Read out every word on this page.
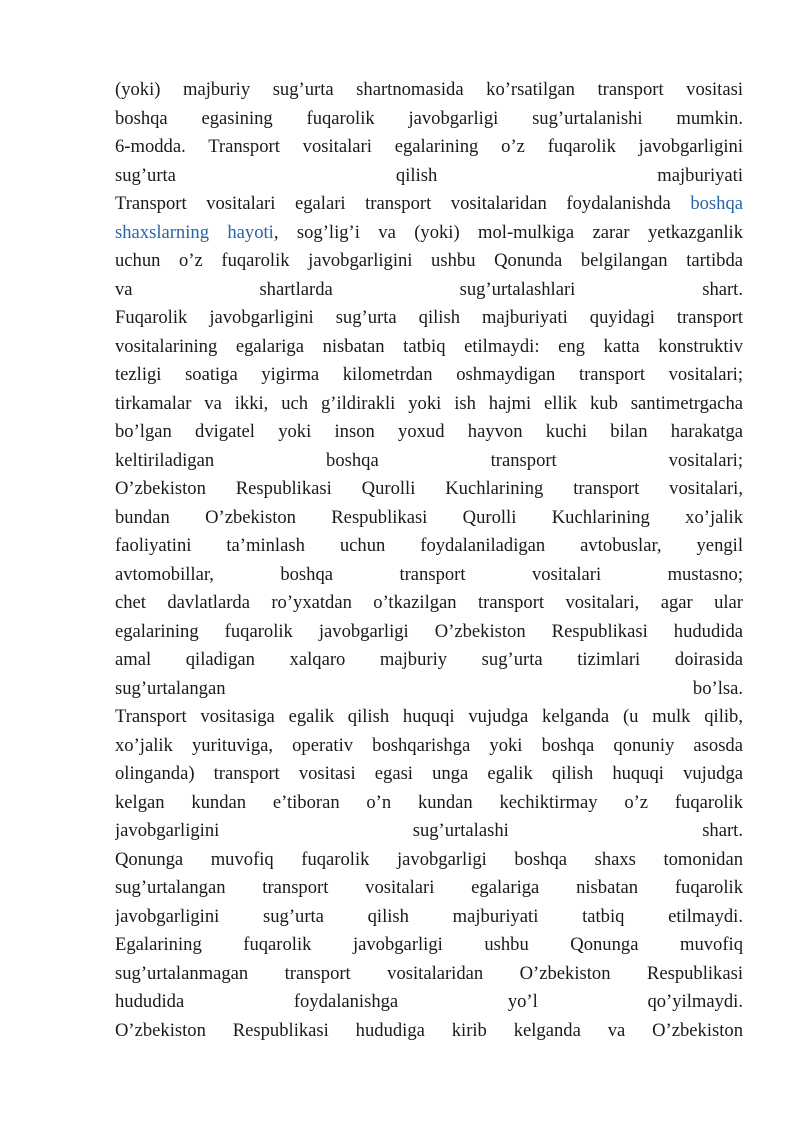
(yoki) majburiy sug’urta shartnomasida ko’rsatilgan transport vositasi
boshqa egasining fuqarolik javobgarligi sug’urtalanishi mumkin.
6-modda. Transport vositalari egalarining o’z fuqarolik javobgarligini
sug’urta qilish majburiyati
Transport vositalari egalari transport vositalaridan foydalanishda boshqa
shaxslarning hayoti, sog’lig’i va (yoki) mol-mulkiga zarar yetkazganlik
uchun o’z fuqarolik javobgarligini ushbu Qonunda belgilangan tartibda
va shartlarda sug’urtalashlari shart.
Fuqarolik javobgarligini sug’urta qilish majburiyati quyidagi transport
vositalarining egalariga nisbatan tatbiq etilmaydi: eng katta konstruktiv
tezligi soatiga yigirma kilometrdan oshmaydigan transport vositalari;
tirkamalar va ikki, uch g’ildirakli yoki ish hajmi ellik kub santimetrgacha
bo’lgan dvigatel yoki inson yoxud hayvon kuchi bilan harakatga
keltiriladigan boshqa transport vositalari;
O’zbekiston Respublikasi Qurolli Kuchlarining transport vositalari,
bundan O’zbekiston Respublikasi Qurolli Kuchlarining xo’jalik
faoliyatini ta’minlash uchun foydalaniladigan avtobuslar, yengil
avtomobillar, boshqa transport vositalari mustasno;
chet davlatlarda ro’yxatdan o’tkazilgan transport vositalari, agar ular
egalarining fuqarolik javobgarligi O’zbekiston Respublikasi hududida
amal qiladigan xalqaro majburiy sug’urta tizimlari doirasida
sug’urtalangan bo’lsa.
Transport vositasiga egalik qilish huquqi vujudga kelganda (u mulk qilib,
xo’jalik yurituviga, operativ boshqarishga yoki boshqa qonuniy asosda
olinganda) transport vositasi egasi unga egalik qilish huquqi vujudga
kelgan kundan e’tiboran o’n kundan kechiktirmay o’z fuqarolik
javobgarligini sug’urtalashi shart.
Qonunga muvofiq fuqarolik javobgarligi boshqa shaxs tomonidan
sug’urtalangan transport vositalari egalariga nisbatan fuqarolik
javobgarligini sug’urta qilish majburiyati tatbiq etilmaydi.
Egalarining fuqarolik javobgarligi ushbu Qonunga muvofiq
sug’urtalanmagan transport vositalaridan O’zbekiston Respublikasi
hududida foydalanishga yo’l qo’yilmaydi.
O’zbekiston Respublikasi hududiga kirib kelganda va O’zbekiston
